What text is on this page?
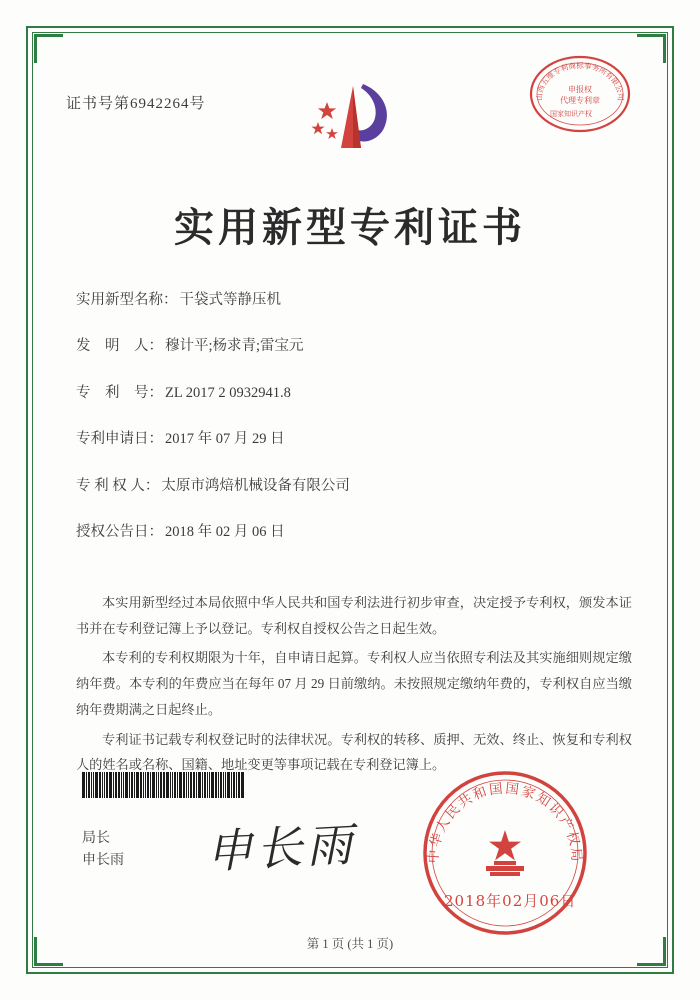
证书号第6942264号	山西五维专利商标事务所有限公司
申报权
代理专利章
国家知识产权
实用新型专利证书
实用新型名称： 干袋式等静压机
发　明　人： 穆计平;杨求青;雷宝元
专　利　号： ZL 2017 2 0932941.8
专利申请日： 2017 年 07 月 29 日
专 利 权 人： 太原市鸿焙机械设备有限公司
授权公告日： 2018 年 02 月 06 日

本实用新型经过本局依照中华人民共和国专利法进行初步审查，决定授予专利权，颁发本证书并在专利登记簿上予以登记。专利权自授权公告之日起生效。

本专利的专利权期限为十年，自申请日起算。专利权人应当依照专利法及其实施细则规定缴纳年费。本专利的年费应当在每年 07 月 29 日前缴纳。未按照规定缴纳年费的，专利权自应当缴纳年费期满之日起终止。

专利证书记载专利权登记时的法律状况。专利权的转移、质押、无效、终止、恢复和专利权人的姓名或名称、国籍、地址变更等事项记载在专利登记簿上。

局长
申长雨 申长雨	中华人民共和国国家知识产权局
2018年02月06日
第 1 页 (共 1 页)
